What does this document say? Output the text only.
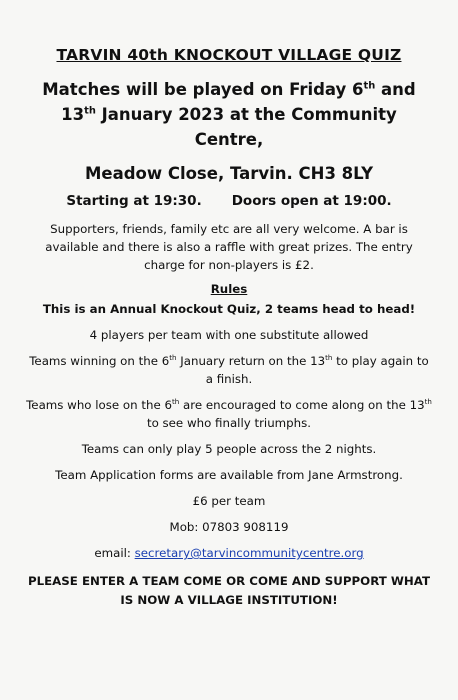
TARVIN 40th KNOCKOUT VILLAGE QUIZ
Matches will be played on Friday 6th and
13th January 2023 at the Community Centre,
Meadow Close, Tarvin. CH3 8LY
Starting at 19:30. Doors open at 19:00.
Supporters, friends, family etc are all very welcome. A bar is available and there is also a raffle with great prizes. The entry charge for non-players is £2.
Rules
This is an Annual Knockout Quiz, 2 teams head to head!
4 players per team with one substitute allowed
Teams winning on the 6th January return on the 13th to play again to a finish.
Teams who lose on the 6th are encouraged to come along on the 13th to see who finally triumphs.
Teams can only play 5 people across the 2 nights.
Team Application forms are available from Jane Armstrong.
£6 per team
Mob: 07803 908119
email: secretary@tarvincommunitycentre.org
PLEASE ENTER A TEAM COME OR COME AND SUPPORT WHAT IS NOW A VILLAGE INSTITUTION!
